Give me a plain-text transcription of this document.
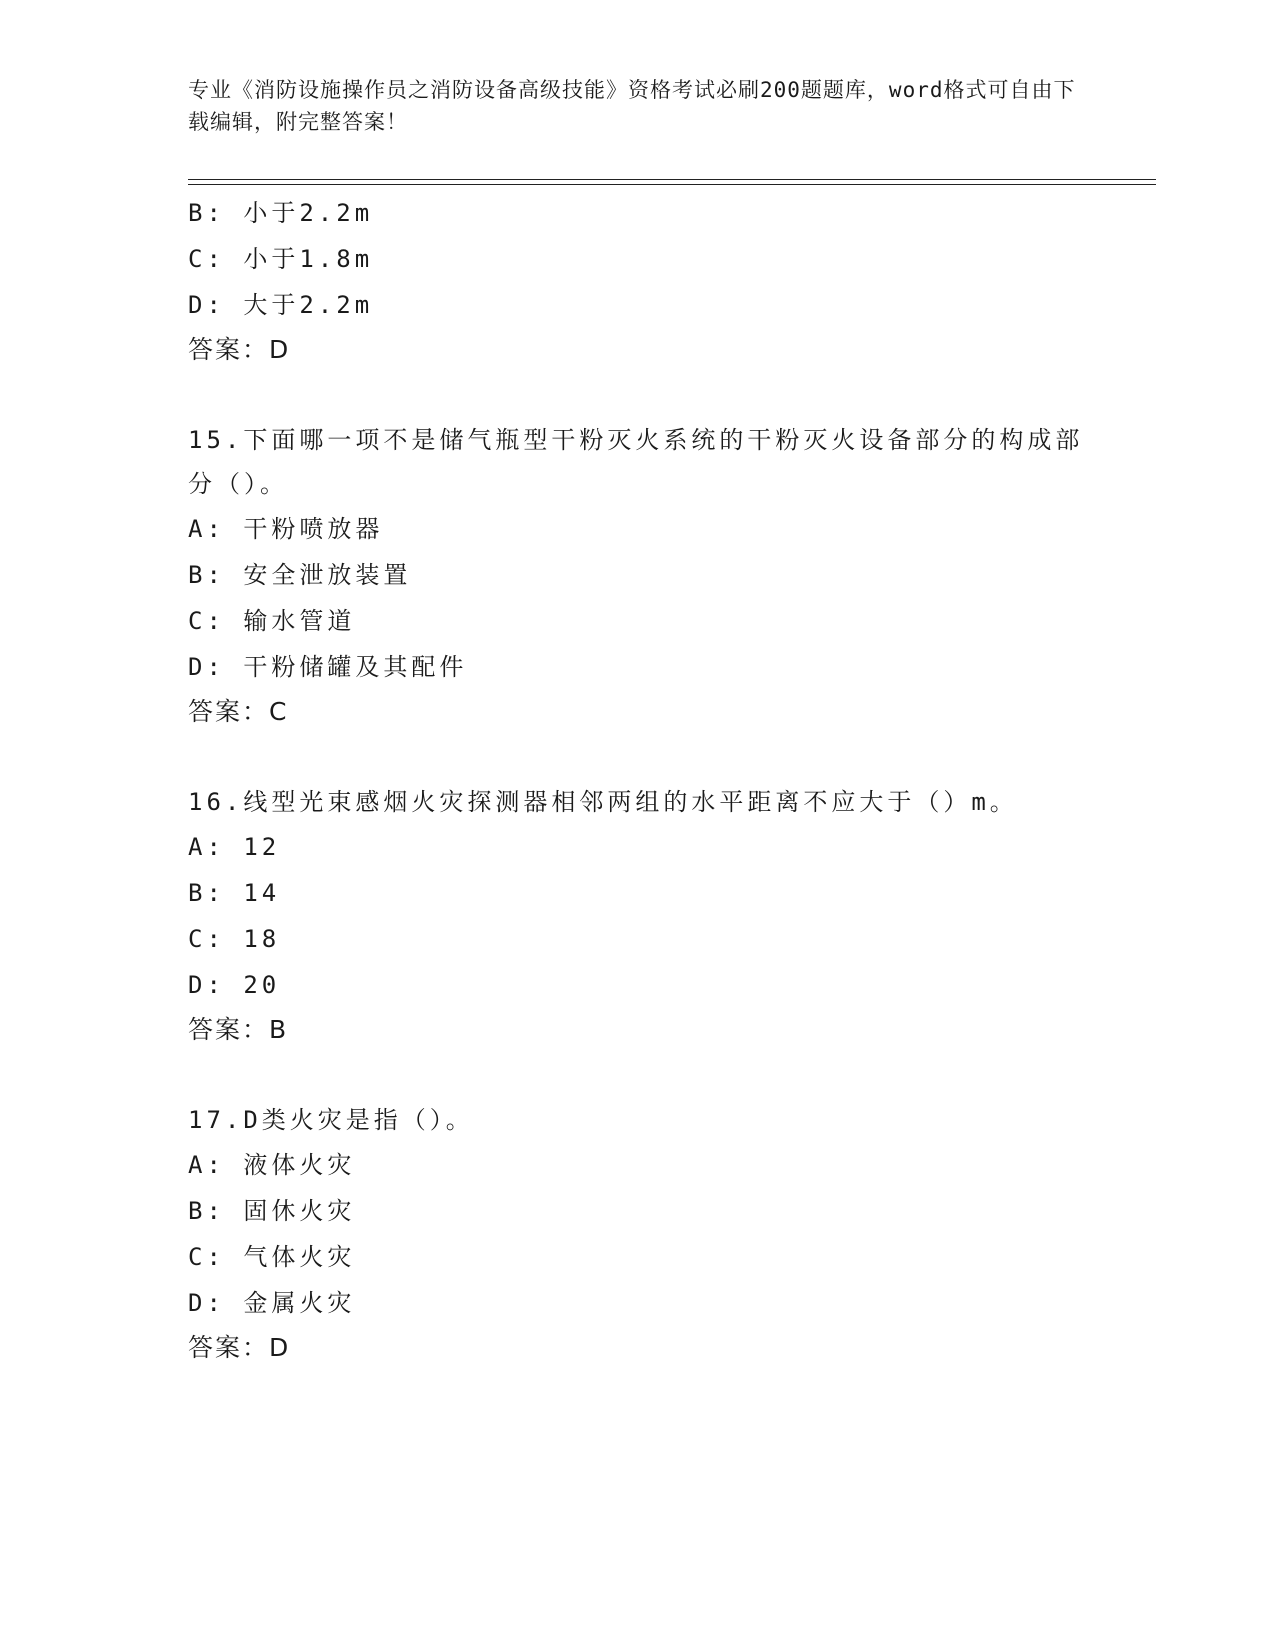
专业《消防设施操作员之消防设备高级技能》资格考试必刷200题题库，word格式可自由下载编辑，附完整答案！
B: 小于2.2m
C: 小于1.8m
D: 大于2.2m
答案：D
15.下面哪一项不是储气瓶型干粉灭火系统的干粉灭火设备部分的构成部分（）。
A: 干粉喷放器
B: 安全泄放装置
C: 输水管道
D: 干粉储罐及其配件
答案：C
16.线型光束感烟火灾探测器相邻两组的水平距离不应大于（）m。
A: 12
B: 14
C: 18
D: 20
答案：B
17.D类火灾是指（）。
A: 液体火灾
B: 固休火灾
C: 气体火灾
D: 金属火灾
答案：D
